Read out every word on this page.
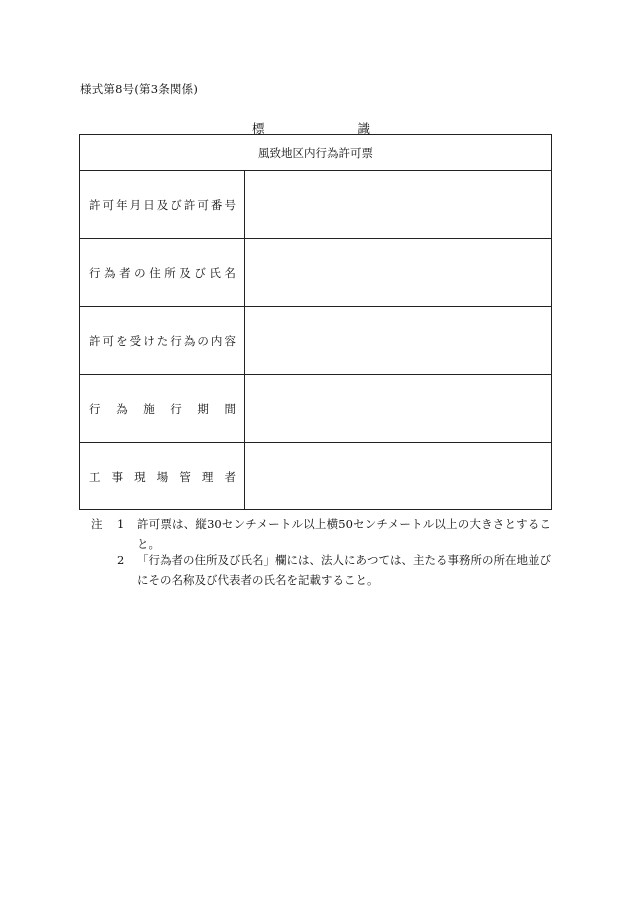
様式第8号(第3条関係)
標	識
風致地区内行為許可票
許 可 年 月 日 及 び 許 可 番 号
行 為 者 の 住 所 及 び 氏 名
許 可 を 受 け た 行 為 の 内 容
行 為 施 行 期 間
工 事 現 場 管 理 者
注 1 許可票は、縦30センチメートル以上横50センチメートル以上の大きさとすること。
2 「行為者の住所及び氏名」欄には、法人にあつては、主たる事務所の所在地並びにその名称及び代表者の氏名を記載すること。
